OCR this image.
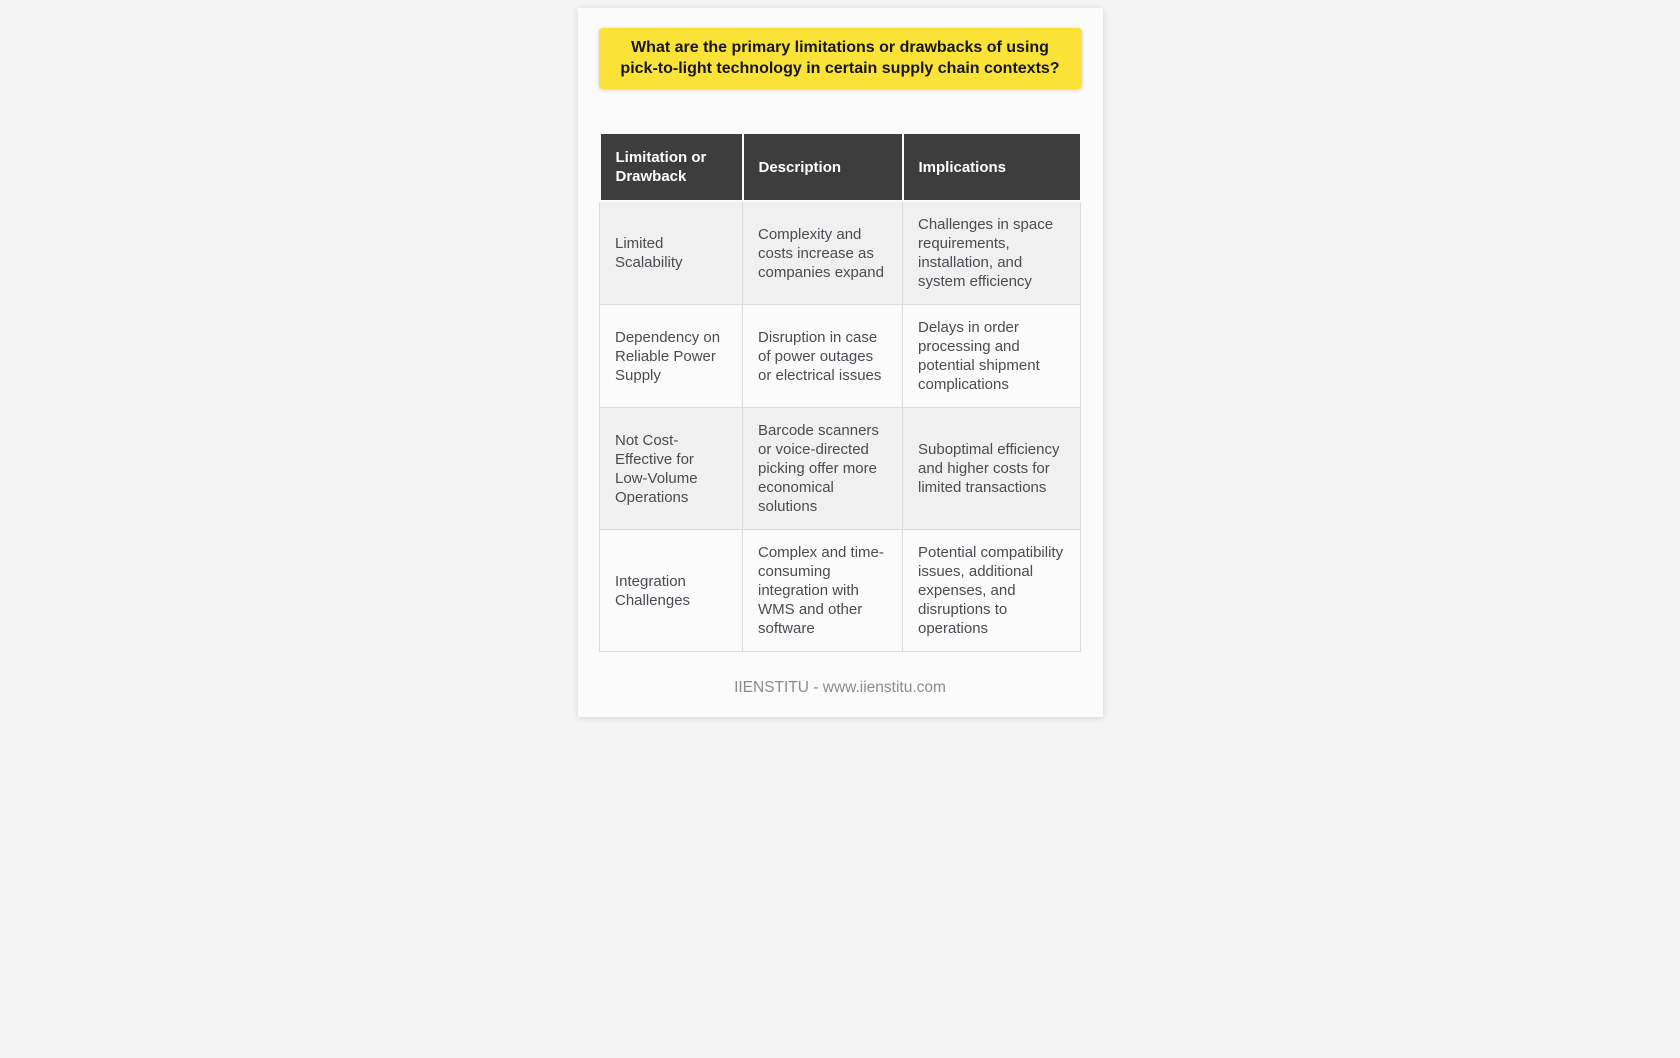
What are the primary limitations or drawbacks of using pick-to-light technology in certain supply chain contexts?
Limitation or Drawback	Description	Implications
Limited Scalability	Complexity and costs increase as companies expand	Challenges in space requirements, installation, and system efficiency
Dependency on Reliable Power Supply	Disruption in case of power outages or electrical issues	Delays in order processing and potential shipment complications
Not Cost-Effective for Low-Volume Operations	Barcode scanners or voice-directed picking offer more economical solutions	Suboptimal efficiency and higher costs for limited transactions
Integration Challenges	Complex and time-consuming integration with WMS and other software	Potential compatibility issues, additional expenses, and disruptions to operations
IIENSTITU - www.iienstitu.com
